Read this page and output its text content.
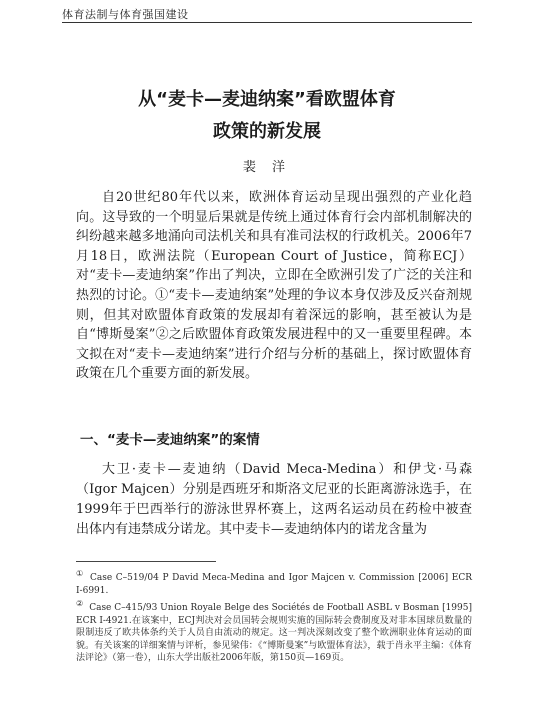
体育法制与体育强国建设
从“麦卡—麦迪纳案”看欧盟体育
政策的新发展
裴 洋

自20世纪80年代以来，欧洲体育运动呈现出强烈的产业化趋向。这导致的一个明显后果就是传统上通过体育行会内部机制解决的纠纷越来越多地涌向司法机关和具有准司法权的行政机关。2006年7月18日，欧洲法院（European Court of Justice，简称ECJ）对“麦卡—麦迪纳案”作出了判决，立即在全欧洲引发了广泛的关注和热烈的讨论。①“麦卡—麦迪纳案”处理的争议本身仅涉及反兴奋剂规则，但其对欧盟体育政策的发展却有着深远的影响，甚至被认为是自“博斯曼案”②之后欧盟体育政策发展进程中的又一重要里程碑。本文拟在对“麦卡—麦迪纳案”进行介绍与分析的基础上，探讨欧盟体育政策在几个重要方面的新发展。

一、“麦卡—麦迪纳案”的案情

大卫·麦卡—麦迪纳（David Meca-Medina）和伊戈·马森（Igor Majcen）分别是西班牙和斯洛文尼亚的长距离游泳选手，在1999年于巴西举行的游泳世界杯赛上，这两名运动员在药检中被查出体内有违禁成分诺龙。其中麦卡—麦迪纳体内的诺龙含量为

① Case C–519/04 P David Meca-Medina and Igor Majcen v. Commission [2006] ECR I-6991.

② Case C–415/93 Union Royale Belge des Sociétés de Football ASBL v Bosman [1995] ECR I-4921.在该案中，ECJ判决对会员国转会规则实施的国际转会费制度及对非本国球员数量的限制违反了欧共体条约关于人员自由流动的规定。这一判决深刻改变了整个欧洲职业体育运动的面貌。有关该案的详细案情与评析，参见梁伟：《“博斯曼案”与欧盟体育法》，载于肖永平主编：《体育法评论》（第一卷），山东大学出版社2006年版，第150页—169页。
